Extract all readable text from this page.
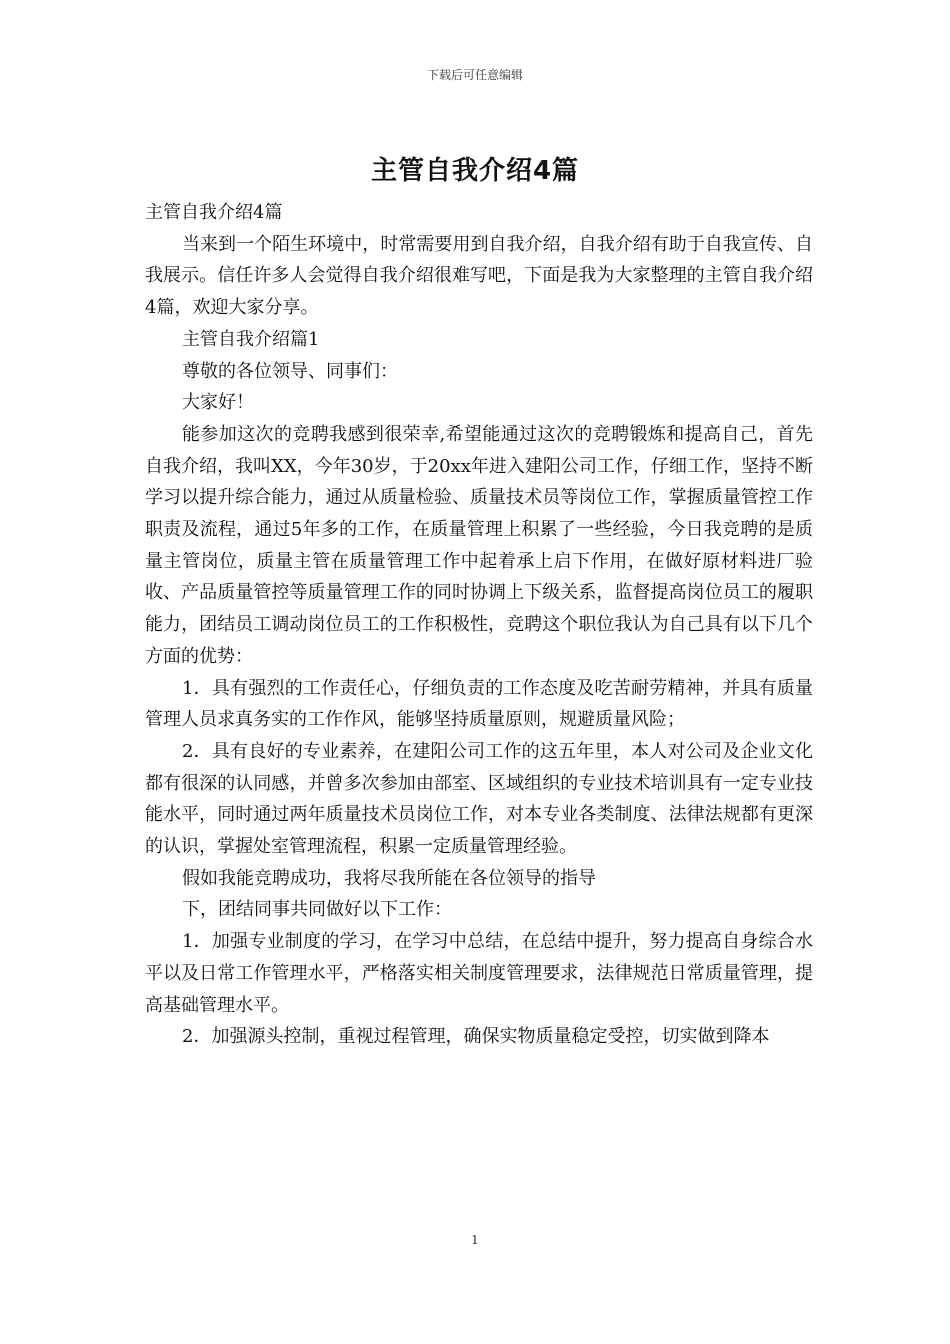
下载后可任意编辑
主管自我介绍4篇

主管自我介绍4篇

当来到一个陌生环境中，时常需要用到自我介绍，自我介绍有助于自我宣传、自我展示。信任许多人会觉得自我介绍很难写吧，下面是我为大家整理的主管自我介绍4篇，欢迎大家分享。

主管自我介绍篇1

尊敬的各位领导、同事们：

大家好！

能参加这次的竞聘我感到很荣幸,希望能通过这次的竞聘锻炼和提高自己，首先自我介绍，我叫XX，今年30岁，于20xx年进入建阳公司工作，仔细工作，坚持不断学习以提升综合能力，通过从质量检验、质量技术员等岗位工作，掌握质量管控工作职责及流程，通过5年多的工作，在质量管理上积累了一些经验，今日我竞聘的是质量主管岗位，质量主管在质量管理工作中起着承上启下作用，在做好原材料进厂验收、产品质量管控等质量管理工作的同时协调上下级关系，监督提高岗位员工的履职能力，团结员工调动岗位员工的工作积极性，竞聘这个职位我认为自己具有以下几个方面的优势：

1．具有强烈的工作责任心，仔细负责的工作态度及吃苦耐劳精神，并具有质量管理人员求真务实的工作作风，能够坚持质量原则，规避质量风险；

2．具有良好的专业素养，在建阳公司工作的这五年里，本人对公司及企业文化都有很深的认同感，并曾多次参加由部室、区域组织的专业技术培训具有一定专业技能水平，同时通过两年质量技术员岗位工作，对本专业各类制度、法律法规都有更深的认识，掌握处室管理流程，积累一定质量管理经验。

假如我能竞聘成功，我将尽我所能在各位领导的指导

下，团结同事共同做好以下工作：

1．加强专业制度的学习，在学习中总结，在总结中提升，努力提高自身综合水平以及日常工作管理水平，严格落实相关制度管理要求，法律规范日常质量管理，提高基础管理水平。

2．加强源头控制，重视过程管理，确保实物质量稳定受控，切实做到降本

1
